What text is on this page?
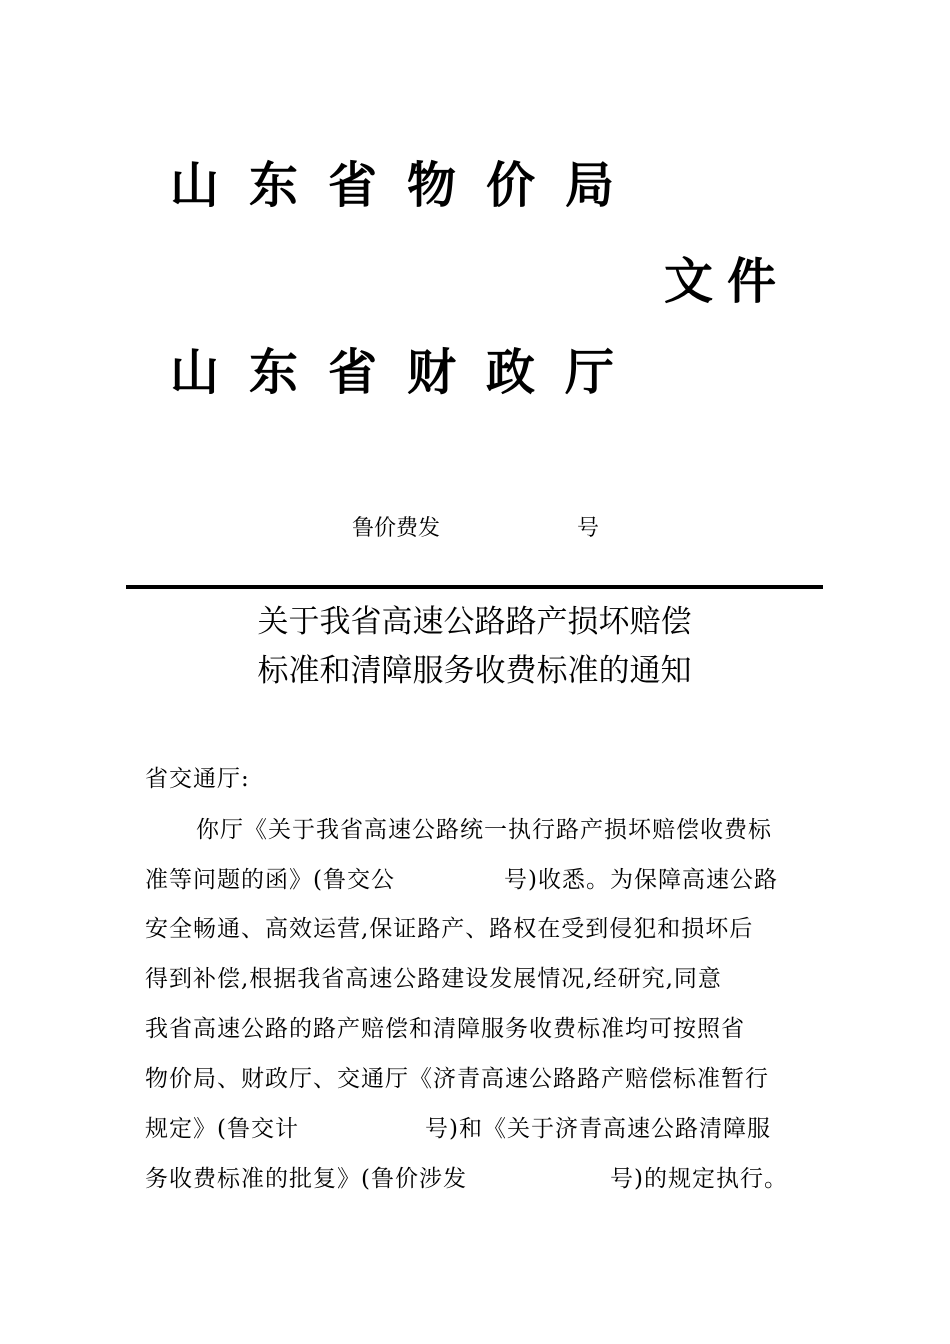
山东省物价局
文件
山东省财政厅
鲁价费发	号
关于我省高速公路路产损坏赔偿
标准和清障服务收费标准的通知
省交通厅:
你厅《关于我省高速公路统一执行路产损坏赔偿收费标
准等问题的函》(鲁交公	号)收悉。为保障高速公路
安全畅通、高效运营,保证路产、路权在受到侵犯和损坏后
得到补偿,根据我省高速公路建设发展情况,经研究,同意
我省高速公路的路产赔偿和清障服务收费标准均可按照省
物价局、财政厅、交通厅《济青高速公路路产赔偿标准暂行
规定》(鲁交计	号)和《关于济青高速公路清障服
务收费标准的批复》(鲁价涉发	号)的规定执行。
